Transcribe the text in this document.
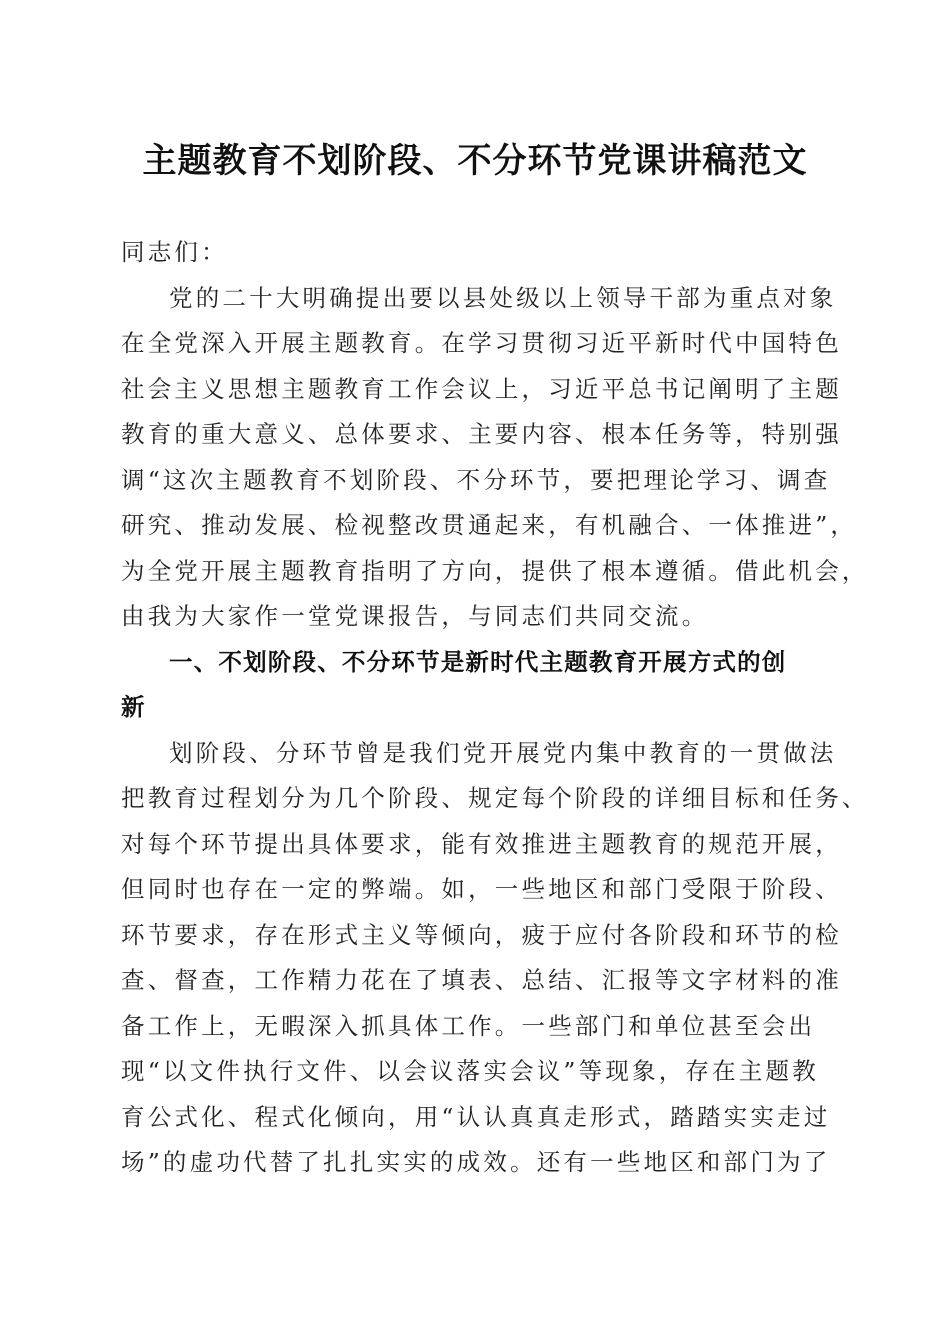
主题教育不划阶段、不分环节党课讲稿范文
同志们：
党的二十大明确提出要以县处级以上领导干部为重点对象
在全党深入开展主题教育。在学习贯彻习近平新时代中国特色
社会主义思想主题教育工作会议上，习近平总书记阐明了主题
教育的重大意义、总体要求、主要内容、根本任务等，特别强
调“这次主题教育不划阶段、不分环节，要把理论学习、调查
研究、推动发展、检视整改贯通起来，有机融合、一体推进”，
为全党开展主题教育指明了方向，提供了根本遵循。借此机会，
由我为大家作一堂党课报告，与同志们共同交流。
一、不划阶段、不分环节是新时代主题教育开展方式的创
新
划阶段、分环节曾是我们党开展党内集中教育的一贯做法
把教育过程划分为几个阶段、规定每个阶段的详细目标和任务、
对每个环节提出具体要求，能有效推进主题教育的规范开展，
但同时也存在一定的弊端。如，一些地区和部门受限于阶段、
环节要求，存在形式主义等倾向，疲于应付各阶段和环节的检
查、督查，工作精力花在了填表、总结、汇报等文字材料的准
备工作上，无暇深入抓具体工作。一些部门和单位甚至会出
现“以文件执行文件、以会议落实会议”等现象，存在主题教
育公式化、程式化倾向，用“认认真真走形式，踏踏实实走过
场”的虚功代替了扎扎实实的成效。还有一些地区和部门为了
